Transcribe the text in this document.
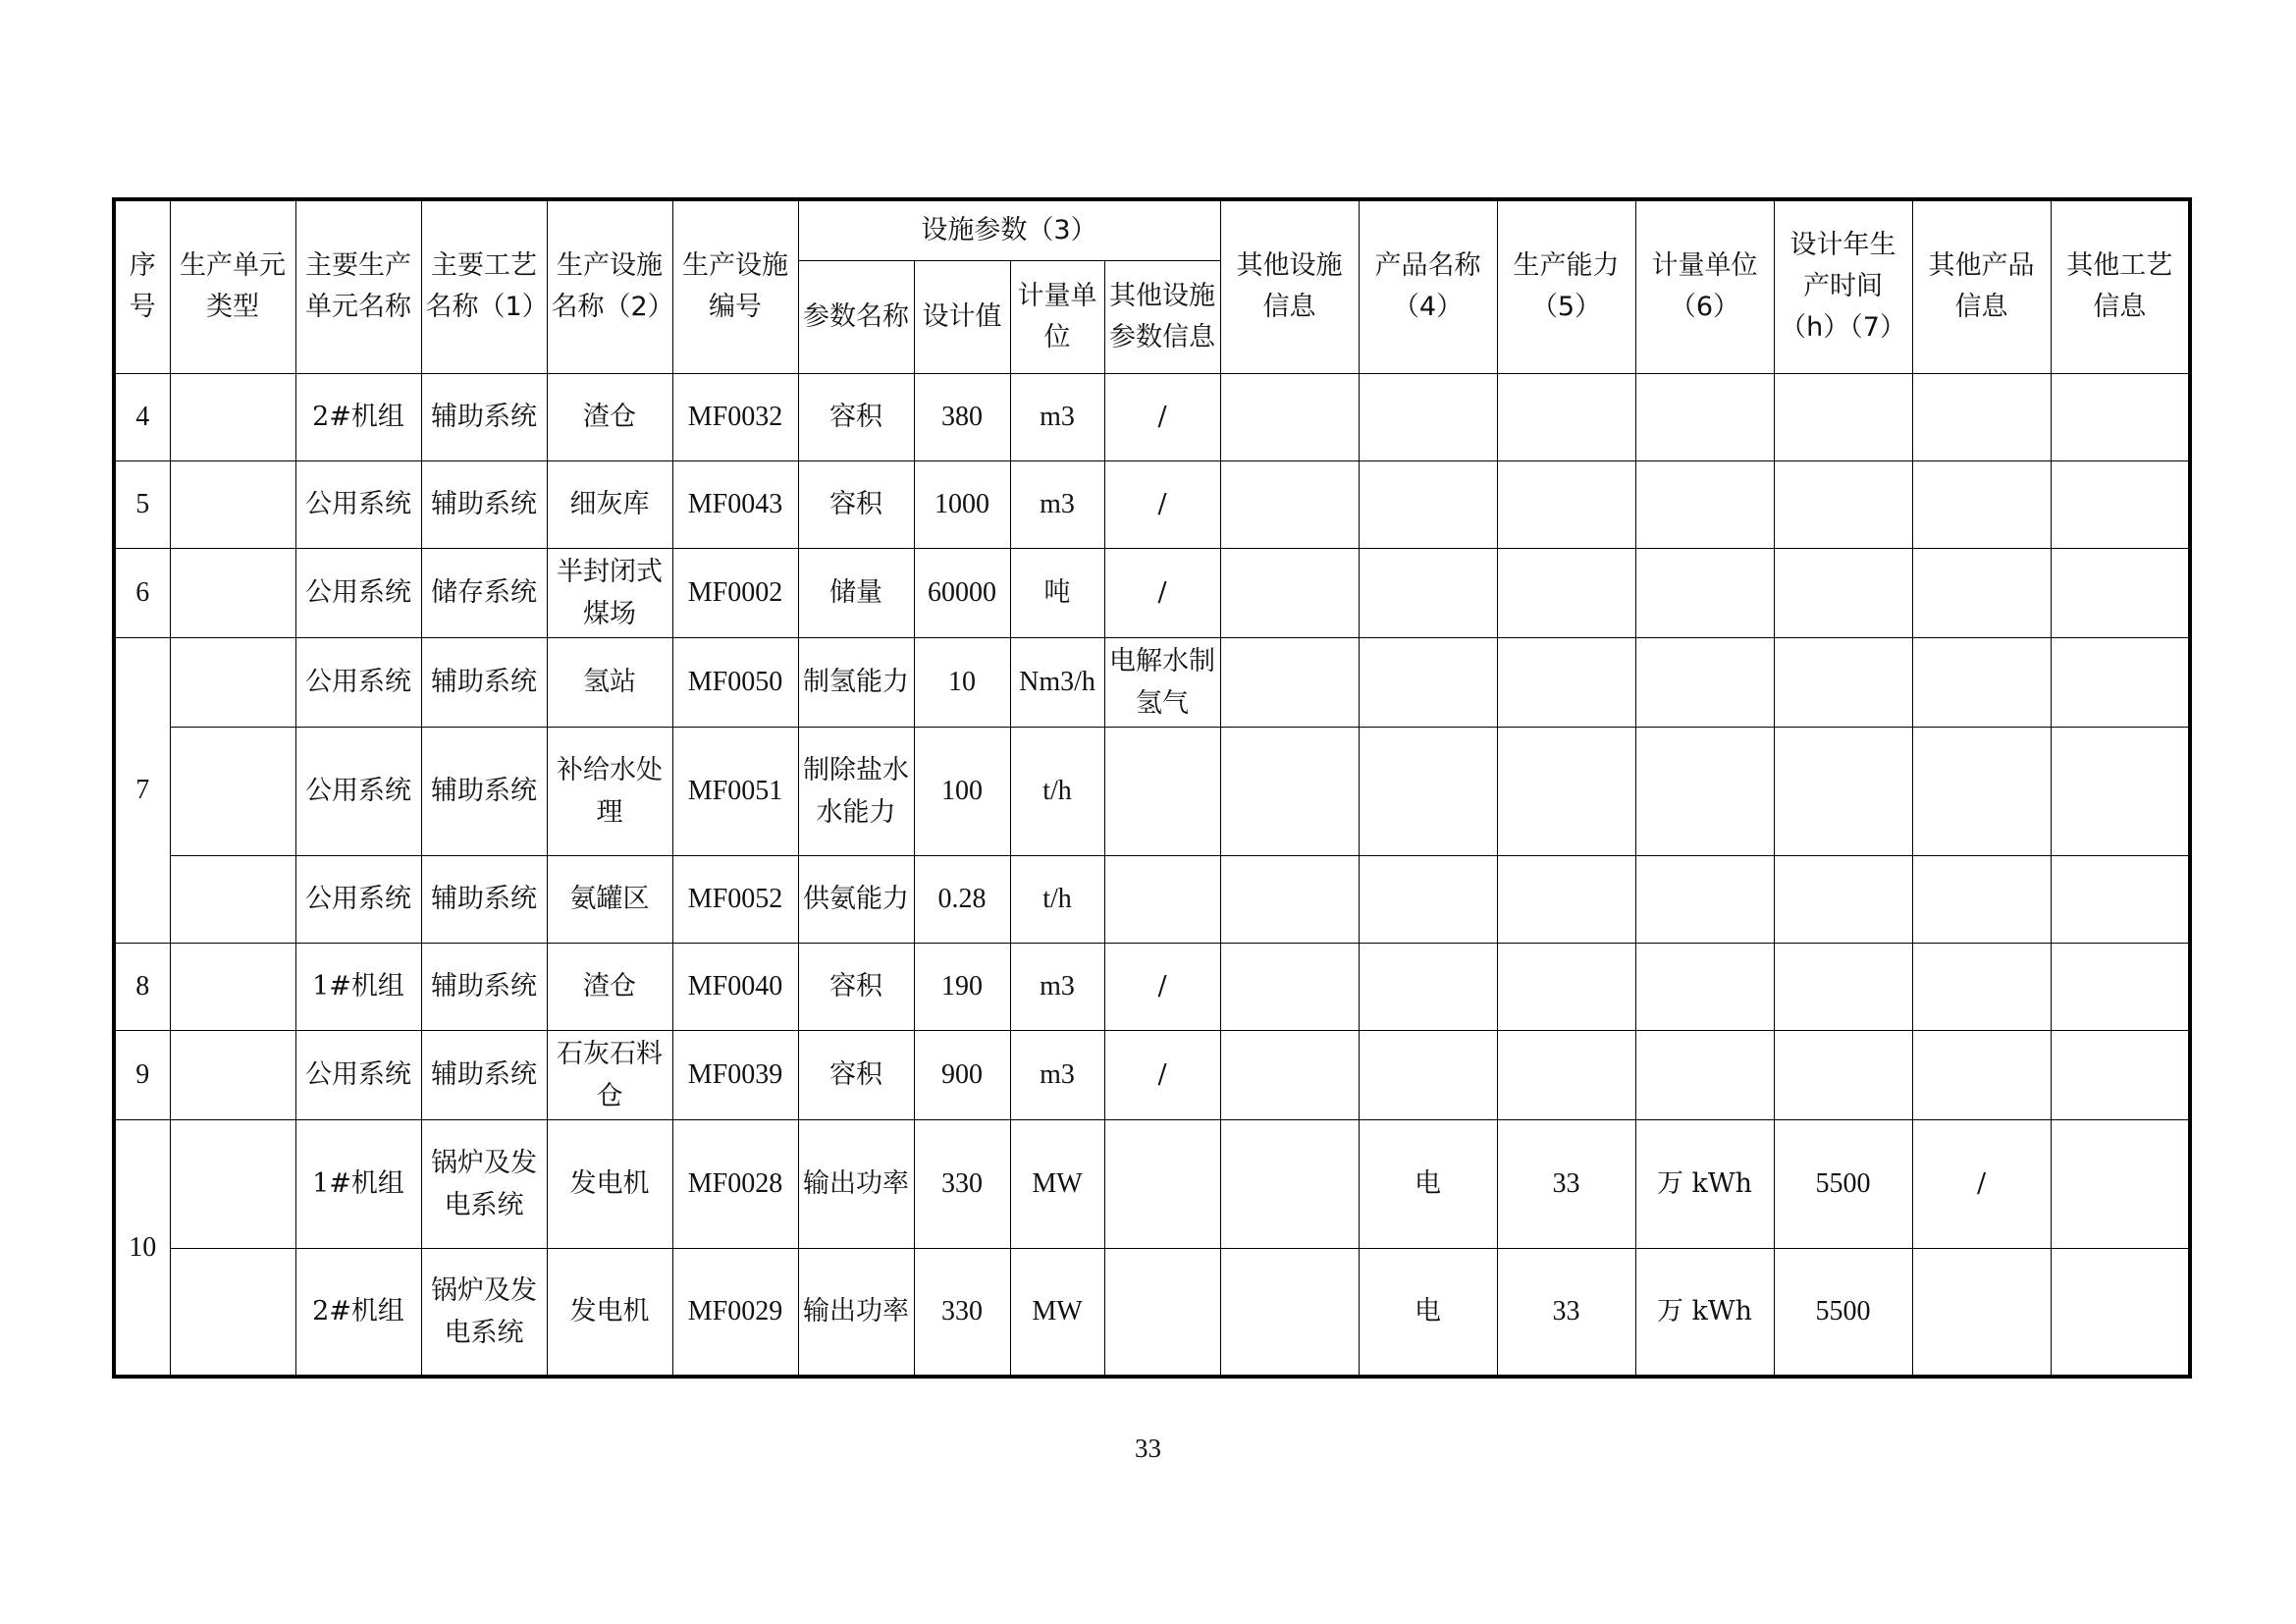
序号	生产单元类型	主要生产单元名称	主要工艺名称（1）	生产设施名称（2）	生产设施编号	设施参数（3）				其他设施信息	产品名称（4）	生产能力（5）	计量单位（6）	设计年生产时间（h）（7）	其他产品信息	其他工艺信息
						参数名称	设计值	计量单位	其他设施参数信息							
4		2#机组	辅助系统	渣仓	MF0032	容积	380	m3	/							
5		公用系统	辅助系统	细灰库	MF0043	容积	1000	m3	/							
6		公用系统	储存系统	半封闭式煤场	MF0002	储量	60000	吨	/							
7		公用系统	辅助系统	氢站	MF0050	制氢能力	10	Nm3/h	电解水制氢气							
		公用系统	辅助系统	补给水处理	MF0051	制除盐水水能力	100	t/h								
		公用系统	辅助系统	氨罐区	MF0052	供氨能力	0.28	t/h								
8		1#机组	辅助系统	渣仓	MF0040	容积	190	m3	/							
9		公用系统	辅助系统	石灰石料仓	MF0039	容积	900	m3	/							
10		1#机组	锅炉及发电系统	发电机	MF0028	输出功率	330	MW			电	33	万 kWh	5500	/	
		2#机组	锅炉及发电系统	发电机	MF0029	输出功率	330	MW			电	33	万 kWh	5500		
33
